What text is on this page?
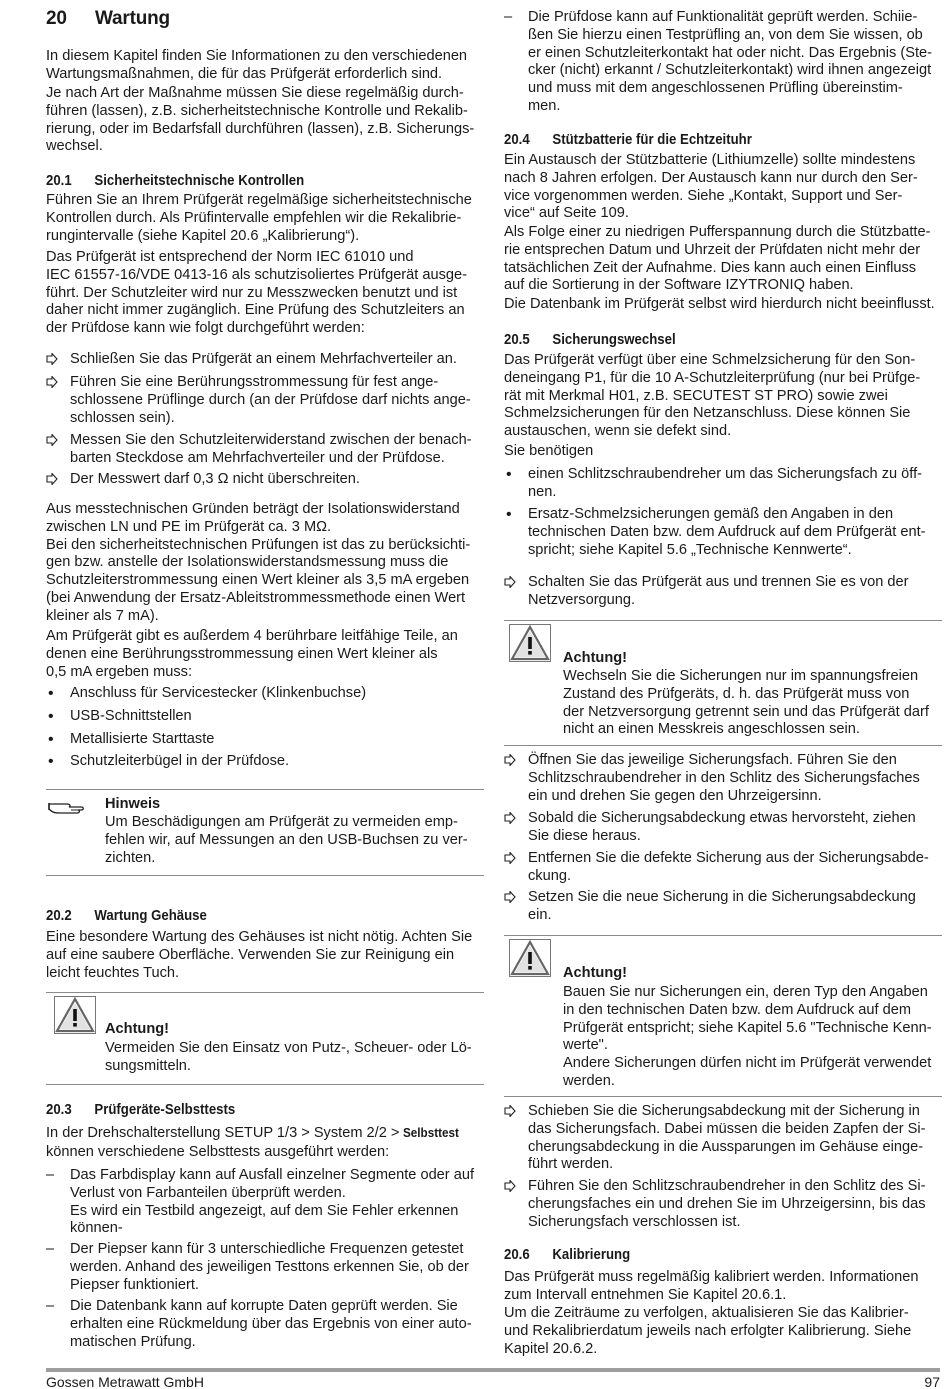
20 Wartung
In diesem Kapitel finden Sie Informationen zu den verschiedenen
Wartungsmaßnahmen, die für das Prüfgerät erforderlich sind.
Je nach Art der Maßnahme müssen Sie diese regelmäßig durch-
führen (lassen), z.B. sicherheitstechnische Kontrolle und Rekalib-
rierung, oder im Bedarfsfall durchführen (lassen), z.B. Sicherungs-
wechsel.
20.1 Sicherheitstechnische Kontrollen
Führen Sie an Ihrem Prüfgerät regelmäßige sicherheitstechnische
Kontrollen durch. Als Prüfintervalle empfehlen wir die Rekalibrie-
rungintervalle (siehe Kapitel 20.6 „Kalibrierung“).
Das Prüfgerät ist entsprechend der Norm IEC 61010 und
IEC 61557-16/VDE 0413-16 als schutzisoliertes Prüfgerät ausge-
führt. Der Schutzleiter wird nur zu Messzwecken benutzt und ist
daher nicht immer zugänglich. Eine Prüfung des Schutzleiters an
der Prüfdose kann wie folgt durchgeführt werden:
Schließen Sie das Prüfgerät an einem Mehrfachverteiler an.
Führen Sie eine Berührungsstrommessung für fest ange-
schlossene Prüflinge durch (an der Prüfdose darf nichts ange-
schlossen sein).
Messen Sie den Schutzleiterwiderstand zwischen der benach-
barten Steckdose am Mehrfachverteiler und der Prüfdose.
Der Messwert darf 0,3 Ω nicht überschreiten.
Aus messtechnischen Gründen beträgt der Isolationswiderstand
zwischen LN und PE im Prüfgerät ca. 3 MΩ.
Bei den sicherheitstechnischen Prüfungen ist das zu berücksichti-
gen bzw. anstelle der Isolationswiderstandsmessung muss die
Schutzleiterstrommessung einen Wert kleiner als 3,5 mA ergeben
(bei Anwendung der Ersatz-Ableitstrommessmethode einen Wert
kleiner als 7 mA).
Am Prüfgerät gibt es außerdem 4 berührbare leitfähige Teile, an
denen eine Berührungsstrommessung einen Wert kleiner als
0,5 mA ergeben muss:
• Anschluss für Servicestecker (Klinkenbuchse)
• USB-Schnittstellen
• Metallisierte Starttaste
• Schutzleiterbügel in der Prüfdose.
Hinweis
Um Beschädigungen am Prüfgerät zu vermeiden emp-
fehlen wir, auf Messungen an den USB-Buchsen zu ver-
zichten.
20.2 Wartung Gehäuse
Eine besondere Wartung des Gehäuses ist nicht nötig. Achten Sie
auf eine saubere Oberfläche. Verwenden Sie zur Reinigung ein
leicht feuchtes Tuch.
Achtung!
Vermeiden Sie den Einsatz von Putz-, Scheuer- oder Lö-
sungsmitteln.
20.3 Prüfgeräte-Selbsttests
In der Drehschalterstellung SETUP 1/3 > System 2/2 > Selbsttest
können verschiedene Selbsttests ausgeführt werden:
– Das Farbdisplay kann auf Ausfall einzelner Segmente oder auf
Verlust von Farbanteilen überprüft werden.
Es wird ein Testbild angezeigt, auf dem Sie Fehler erkennen
können-
– Der Piepser kann für 3 unterschiedliche Frequenzen getestet
werden. Anhand des jeweiligen Testtons erkennen Sie, ob der
Piepser funktioniert.
– Die Datenbank kann auf korrupte Daten geprüft werden. Sie
erhalten eine Rückmeldung über das Ergebnis von einer auto-
matischen Prüfung.
– Die Prüfdose kann auf Funktionalität geprüft werden. Schiie-
ßen Sie hierzu einen Testprüfling an, von dem Sie wissen, ob
er einen Schutzleiterkontakt hat oder nicht. Das Ergebnis (Ste-
cker (nicht) erkannt / Schutzleiterkontakt) wird ihnen angezeigt
und muss mit dem angeschlossenen Prüfling übereinstim-
men.
20.4 Stützbatterie für die Echtzeituhr
Ein Austausch der Stützbatterie (Lithiumzelle) sollte mindestens
nach 8 Jahren erfolgen. Der Austausch kann nur durch den Ser-
vice vorgenommen werden. Siehe „Kontakt, Support und Ser-
vice“ auf Seite 109.
Als Folge einer zu niedrigen Pufferspannung durch die Stützbatte-
rie entsprechen Datum und Uhrzeit der Prüfdaten nicht mehr der
tatsächlichen Zeit der Aufnahme. Dies kann auch einen Einfluss
auf die Sortierung in der Software IZYTRONIQ haben.
Die Datenbank im Prüfgerät selbst wird hierdurch nicht beeinflusst.
20.5 Sicherungswechsel
Das Prüfgerät verfügt über eine Schmelzsicherung für den Son-
deneingang P1, für die 10 A-Schutzleiterprüfung (nur bei Prüfge-
rät mit Merkmal H01, z.B. SECUTEST ST PRO) sowie zwei
Schmelzsicherungen für den Netzanschluss. Diese können Sie
austauschen, wenn sie defekt sind.
Sie benötigen
• einen Schlitzschraubendreher um das Sicherungsfach zu öff-
nen.
• Ersatz-Schmelzsicherungen gemäß den Angaben in den
technischen Daten bzw. dem Aufdruck auf dem Prüfgerät ent-
spricht; siehe Kapitel 5.6 „Technische Kennwerte“.
Schalten Sie das Prüfgerät aus und trennen Sie es von der
Netzversorgung.
Achtung!
Wechseln Sie die Sicherungen nur im spannungsfreien
Zustand des Prüfgeräts, d. h. das Prüfgerät muss von
der Netzversorgung getrennt sein und das Prüfgerät darf
nicht an einen Messkreis angeschlossen sein.
Öffnen Sie das jeweilige Sicherungsfach. Führen Sie den
Schlitzschraubendreher in den Schlitz des Sicherungsfaches
ein und drehen Sie gegen den Uhrzeigersinn.
Sobald die Sicherungsabdeckung etwas hervorsteht, ziehen
Sie diese heraus.
Entfernen Sie die defekte Sicherung aus der Sicherungsabde-
ckung.
Setzen Sie die neue Sicherung in die Sicherungsabdeckung
ein.
Achtung!
Bauen Sie nur Sicherungen ein, deren Typ den Angaben
in den technischen Daten bzw. dem Aufdruck auf dem
Prüfgerät entspricht; siehe Kapitel 5.6 "Technische Kenn-
werte".
Andere Sicherungen dürfen nicht im Prüfgerät verwendet
werden.
Schieben Sie die Sicherungsabdeckung mit der Sicherung in
das Sicherungsfach. Dabei müssen die beiden Zapfen der Si-
cherungsabdeckung in die Aussparungen im Gehäuse einge-
führt werden.
Führen Sie den Schlitzschraubendreher in den Schlitz des Si-
cherungsfaches ein und drehen Sie im Uhrzeigersinn, bis das
Sicherungsfach verschlossen ist.
20.6 Kalibrierung
Das Prüfgerät muss regelmäßig kalibriert werden. Informationen
zum Intervall entnehmen Sie Kapitel 20.6.1.
Um die Zeiträume zu verfolgen, aktualisieren Sie das Kalibrier-
und Rekalibrierdatum jeweils nach erfolgter Kalibrierung. Siehe
Kapitel 20.6.2.
Gossen Metrawatt GmbH	97
